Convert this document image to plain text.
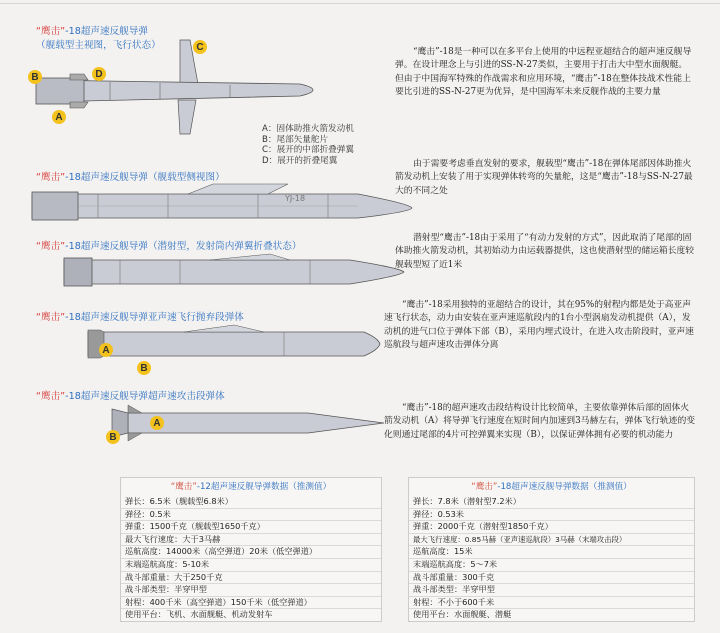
“鹰击”-18超声速反舰导弹
（舰载型主视图，飞行状态）	C
B	D
A
A：固体助推火箭发动机
B：尾部矢量舵片
C：展开的中部折叠弹翼
D：展开的折叠尾翼
“鹰击”-18是一种可以在多平台上使用的中远程亚超结合的超声速反舰导弹。在设计理念上与引进的SS-N-27类似，主要用于打击大中型水面舰艇。但由于中国海军特殊的作战需求和应用环境，“鹰击”-18在整体技战术性能上要比引进的SS-N-27更为优异，是中国海军未来反舰作战的主要力量
“鹰击”-18超声速反舰导弹（舰载型侧视图）
YJ-18
由于需要考虑垂直发射的要求，舰载型“鹰击”-18在弹体尾部因体助推火箭发动机上安装了用于实现弹体转弯的矢量舵，这是“鹰击”-18与SS-N-27最大的不同之处
“鹰击”-18超声速反舰导弹（潜射型，发射筒内弹翼折叠状态）
潜射型“鹰击”-18由于采用了“有动力发射的方式”，因此取消了尾部的固体助推火箭发动机，其初始动力由运载器提供，这也使潜射型的储运箱长度较舰载型短了近1米
“鹰击”-18超声速反舰导弹亚声速飞行抛弃段弹体
A
B
“鹰击”-18采用独特的亚超结合的设计，其在95%的射程内都是处于高亚声速飞行状态，动力由安装在亚声速巡航段内的1台小型涡扇发动机提供（A），发动机的进气口位于弹体下部（B），采用内埋式设计，在进入攻击阶段时，亚声速巡航段与超声速攻击弹体分离
“鹰击”-18超声速反舰导弹超声速攻击段弹体
A
B
“鹰击”-18的超声速攻击段结构设计比较简单，主要依靠弹体后部的固体火箭发动机（A）将导弹飞行速度在短时间内加速到3马赫左右，弹体飞行轨迹的变化则通过尾部的4片可控弹翼来实现（B），以保证弹体拥有必要的机动能力
“鹰击”-12超声速反舰导弹数据（推测值）
弹长：6.5米（舰载型6.8米）
弹径：0.5米
弹重：1500千克（舰载型1650千克）
最大飞行速度：大于3马赫
巡航高度：14000米（高空弹道）20米（低空弹道）
末端巡航高度：5-10米
战斗部重量：大于250千克
战斗部类型：半穿甲型
射程：400千米（高空弹道）150千米（低空弹道）
使用平台：飞机、水面舰艇、机动发射车
“鹰击”-18超声速反舰导弹数据（推测值）
弹长：7.8米（潜射型7.2米）
弹径：0.53米
弹重：2000千克（潜射型1850千克）
最大飞行速度：0.85马赫（亚声速巡航段）3马赫（末端攻击段）
巡航高度：15米
末端巡航高度：5～7米
战斗部重量：300千克
战斗部类型：半穿甲型
射程：不小于600千米
使用平台：水面舰艇、潜艇
